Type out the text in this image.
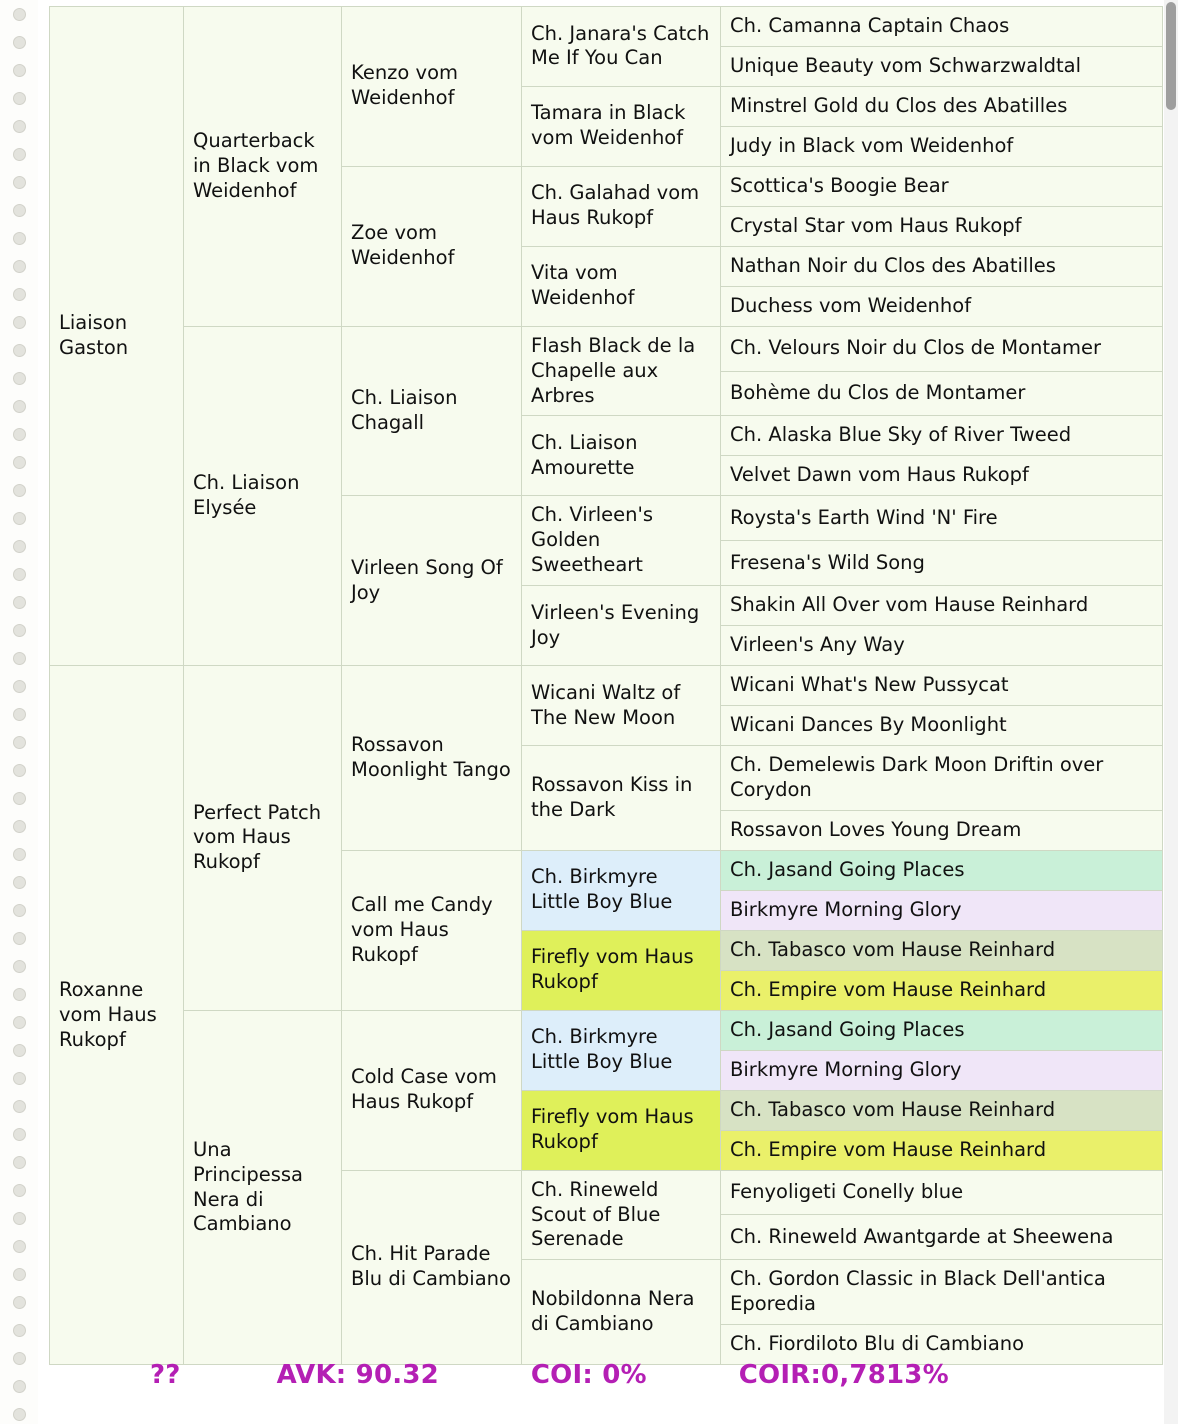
Liaison Gaston	Quarterback in Black vom Weidenhof	Kenzo vom Weidenhof	Ch. Janara's Catch Me If You Can	Ch. Camanna Captain Chaos
				Unique Beauty vom Schwarzwaldtal
			Tamara in Black vom Weidenhof	Minstrel Gold du Clos des Abatilles
				Judy in Black vom Weidenhof
		Zoe vom Weidenhof	Ch. Galahad vom Haus Rukopf	Scottica's Boogie Bear
				Crystal Star vom Haus Rukopf
			Vita vom Weidenhof	Nathan Noir du Clos des Abatilles
				Duchess vom Weidenhof
	Ch. Liaison Elysée	Ch. Liaison Chagall	Flash Black de la Chapelle aux Arbres	Ch. Velours Noir du Clos de Montamer
				Bohème du Clos de Montamer
			Ch. Liaison Amourette	Ch. Alaska Blue Sky of River Tweed
				Velvet Dawn vom Haus Rukopf
		Virleen Song Of Joy	Ch. Virleen's Golden Sweetheart	Roysta's Earth Wind 'N' Fire
				Fresena's Wild Song
			Virleen's Evening Joy	Shakin All Over vom Hause Reinhard
				Virleen's Any Way
Roxanne vom Haus Rukopf	Perfect Patch vom Haus Rukopf	Rossavon Moonlight Tango	Wicani Waltz of The New Moon	Wicani What's New Pussycat
				Wicani Dances By Moonlight
			Rossavon Kiss in the Dark	Ch. Demelewis Dark Moon Driftin over Corydon
				Rossavon Loves Young Dream
		Call me Candy vom Haus Rukopf	Ch. Birkmyre Little Boy Blue	Ch. Jasand Going Places
				Birkmyre Morning Glory
			Firefly vom Haus Rukopf	Ch. Tabasco vom Hause Reinhard
				Ch. Empire vom Hause Reinhard
	Una Principessa Nera di Cambiano	Cold Case vom Haus Rukopf	Ch. Birkmyre Little Boy Blue	Ch. Jasand Going Places
				Birkmyre Morning Glory
			Firefly vom Haus Rukopf	Ch. Tabasco vom Hause Reinhard
				Ch. Empire vom Hause Reinhard
		Ch. Hit Parade Blu di Cambiano	Ch. Rineweld Scout of Blue Serenade	Fenyoligeti Conelly blue
				Ch. Rineweld Awantgarde at Sheewena
			Nobildonna Nera di Cambiano	Ch. Gordon Classic in Black Dell'antica Eporedia
				Ch. Fiordiloto Blu di Cambiano
??	AVK: 90.32	COI: 0%	COIR:0,7813%
